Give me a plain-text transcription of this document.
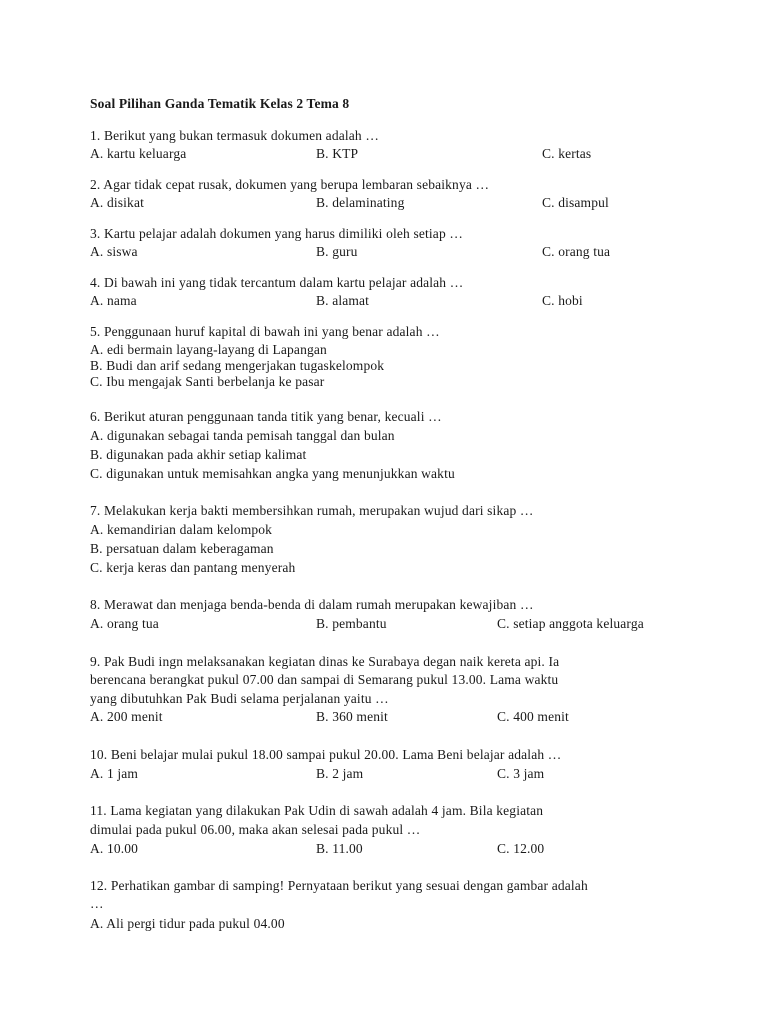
Soal Pilihan Ganda Tematik Kelas 2 Tema 8
1. Berikut yang bukan termasuk dokumen adalah …
A. kartu keluarga	B. KTP	C. kertas
2. Agar tidak cepat rusak, dokumen yang berupa lembaran sebaiknya …
A. disikat	B. delaminating	C. disampul
3. Kartu pelajar adalah dokumen yang harus dimiliki oleh setiap …
A. siswa	B. guru	C. orang tua
4. Di bawah ini yang tidak tercantum dalam kartu pelajar adalah …
A. nama	B. alamat	C. hobi
5. Penggunaan huruf kapital di bawah ini yang benar adalah …
A. edi bermain layang-layang di Lapangan
B. Budi dan arif sedang mengerjakan tugaskelompok
C. Ibu mengajak Santi berbelanja ke pasar
6. Berikut aturan penggunaan tanda titik yang benar, kecuali …
A. digunakan sebagai tanda pemisah tanggal dan bulan
B. digunakan pada akhir setiap kalimat
C. digunakan untuk memisahkan angka yang menunjukkan waktu
7. Melakukan kerja bakti membersihkan rumah, merupakan wujud dari sikap …
A. kemandirian dalam kelompok
B. persatuan dalam keberagaman
C. kerja keras dan pantang menyerah
8. Merawat dan menjaga benda-benda di dalam rumah merupakan kewajiban …
A. orang tua	B. pembantu	C. setiap anggota keluarga
9. Pak Budi ingn melaksanakan kegiatan dinas ke Surabaya degan naik kereta api. Ia
berencana berangkat pukul 07.00 dan sampai di Semarang pukul 13.00. Lama waktu
yang dibutuhkan Pak Budi selama perjalanan yaitu …
A. 200 menit	B. 360 menit	C. 400 menit
10. Beni belajar mulai pukul 18.00 sampai pukul 20.00. Lama Beni belajar adalah …
A. 1 jam	B. 2 jam	C. 3 jam
11. Lama kegiatan yang dilakukan Pak Udin di sawah adalah 4 jam. Bila kegiatan
dimulai pada pukul 06.00, maka akan selesai pada pukul …
A. 10.00	B. 11.00	C. 12.00
12. Perhatikan gambar di samping! Pernyataan berikut yang sesuai dengan gambar adalah
…
A. Ali pergi tidur pada pukul 04.00
